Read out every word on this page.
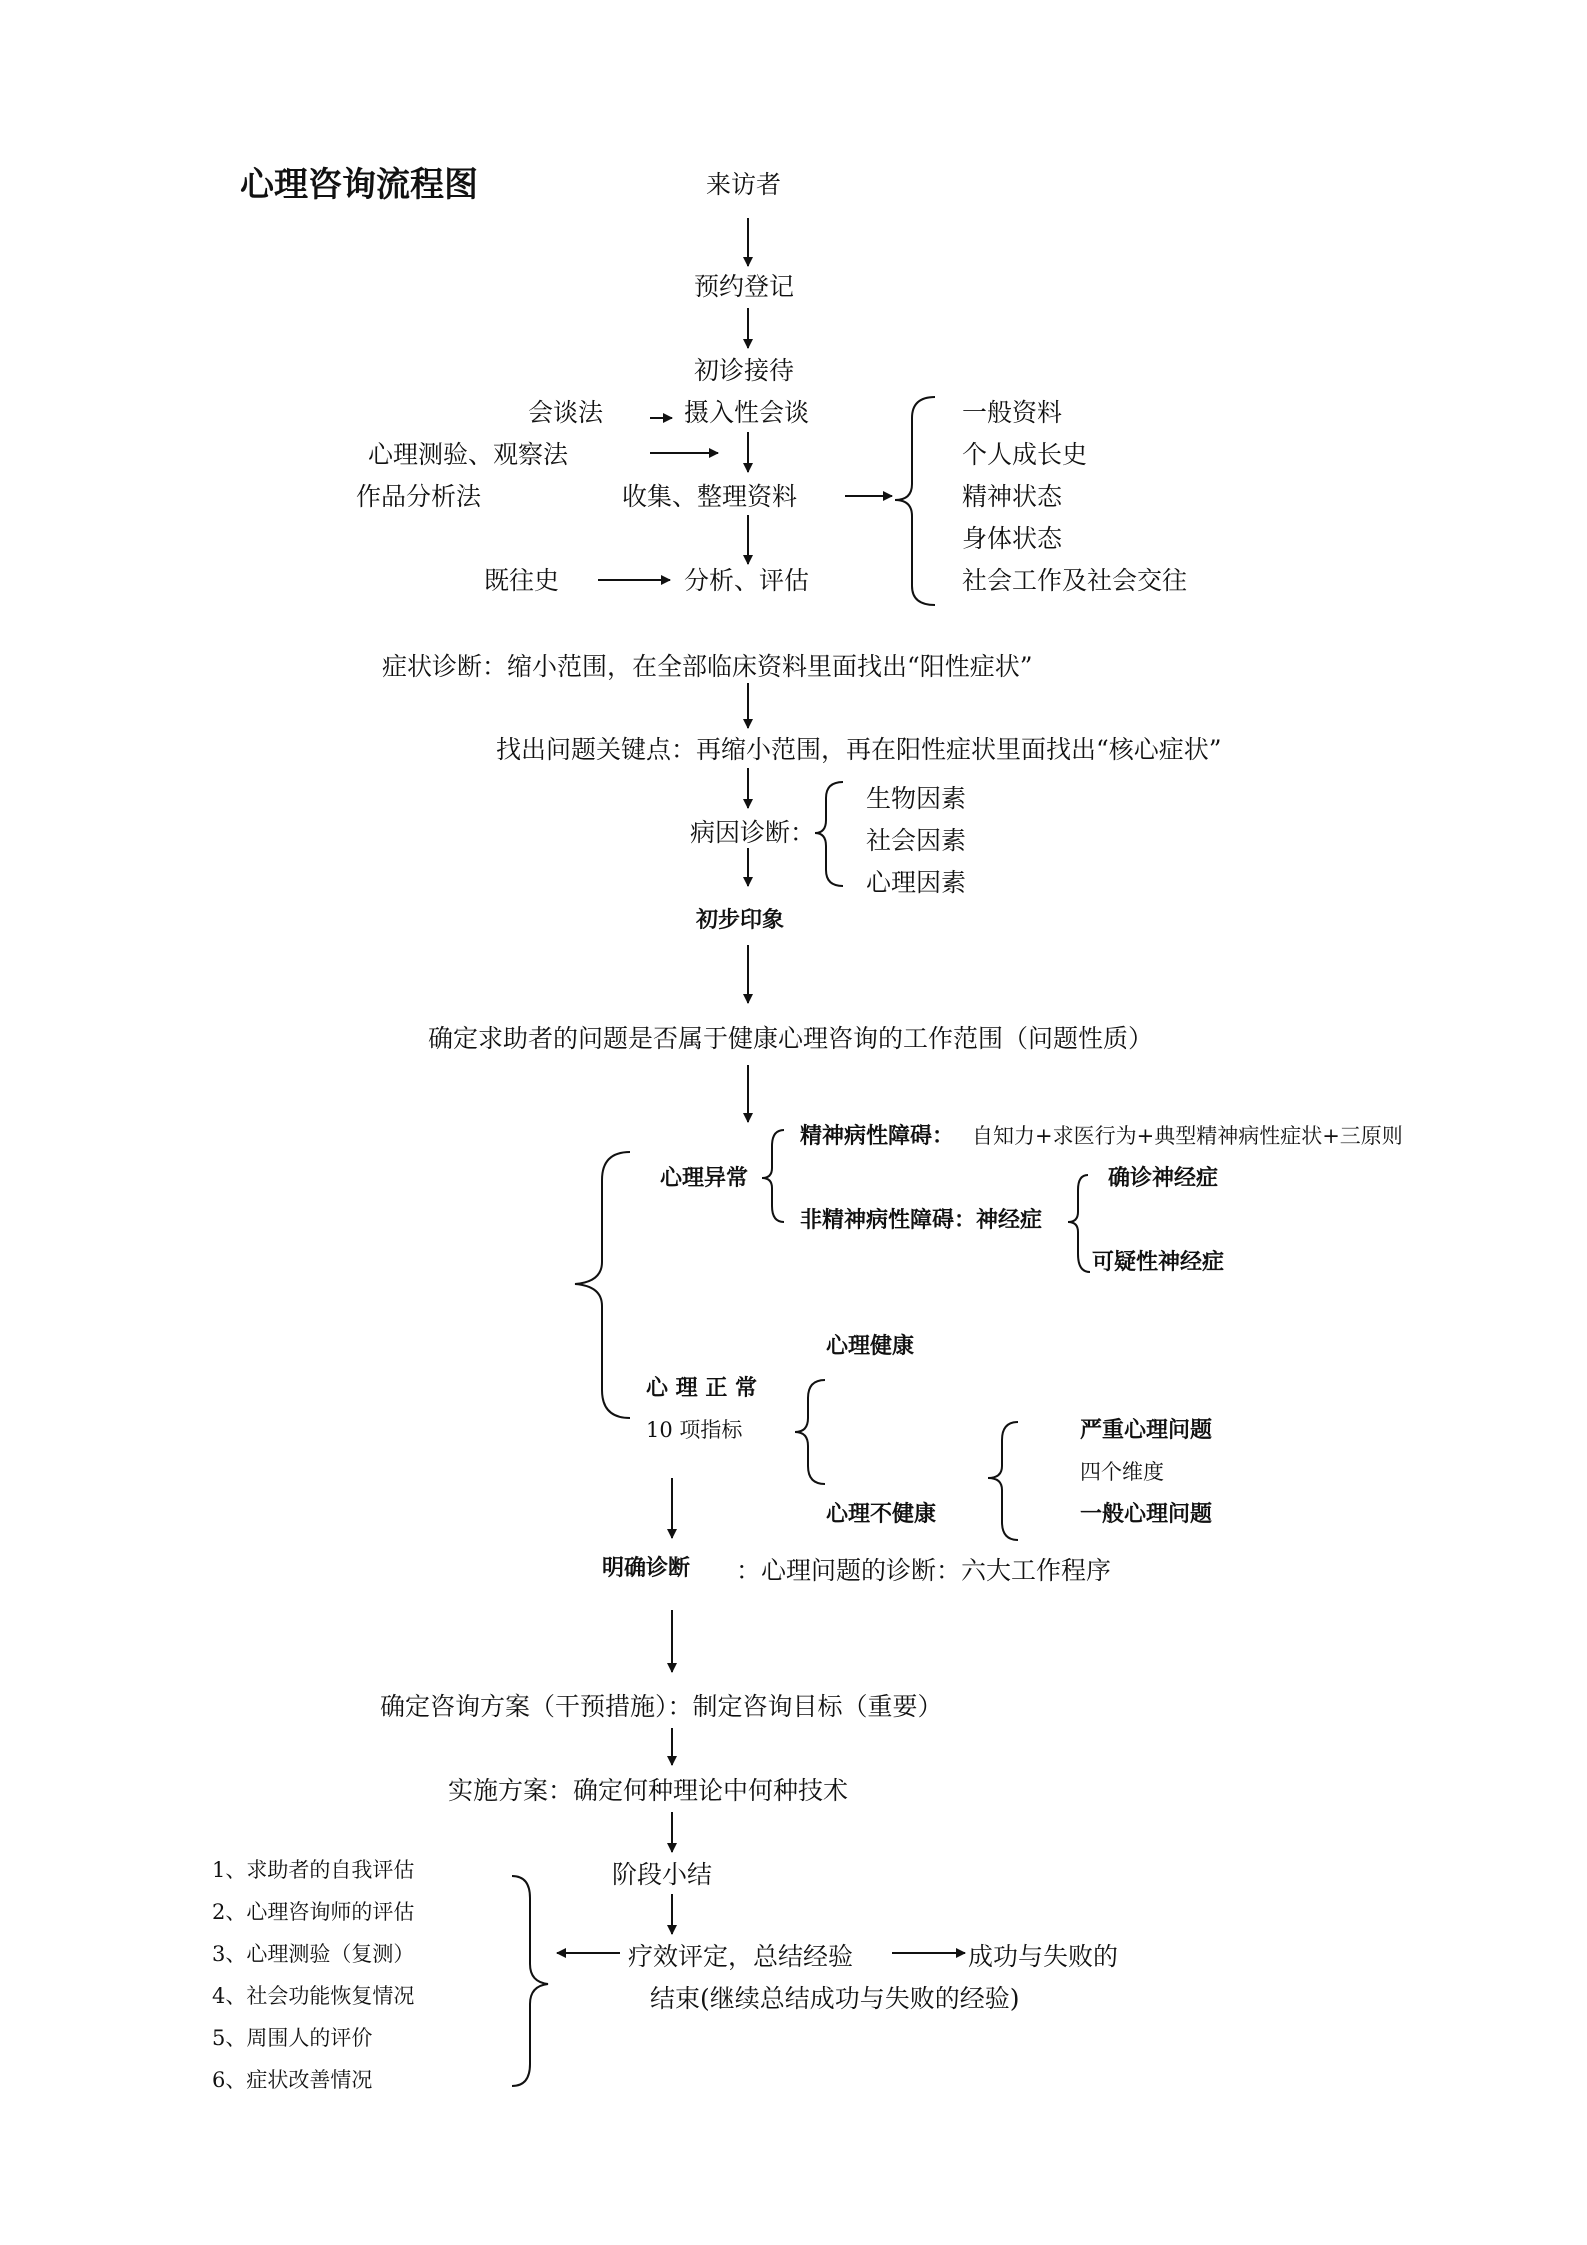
心理咨询流程图	来访者
预约登记
初诊接待
摄入性会谈
收集、整理资料
分析、评估
会谈法
心理测验、观察法
作品分析法
既往史
一般资料
个人成长史
精神状态
身体状态
社会工作及社会交往
症状诊断：缩小范围，在全部临床资料里面找出“阳性症状”
找出问题关键点：再缩小范围，再在阳性症状里面找出“核心症状”
病因诊断：
生物因素
社会因素
心理因素
初步印象
确定求助者的问题是否属于健康心理咨询的工作范围（问题性质）
心理异常
精神病性障碍： 自知力+求医行为+典型精神病性症状+三原则
非精神病性障碍：神经症
确诊神经症
可疑性神经症
心理健康
心 理 正 常
10 项指标
心理不健康
严重心理问题
四个维度
一般心理问题
明确诊断 ：心理问题的诊断：六大工作程序
确定咨询方案（干预措施）：制定咨询目标（重要）
实施方案：确定何种理论中何种技术
阶段小结
疗效评定，总结经验	成功与失败的
结束(继续总结成功与失败的经验)
1、求助者的自我评估
2、心理咨询师的评估
3、心理测验（复测）
4、社会功能恢复情况
5、周围人的评价
6、症状改善情况
